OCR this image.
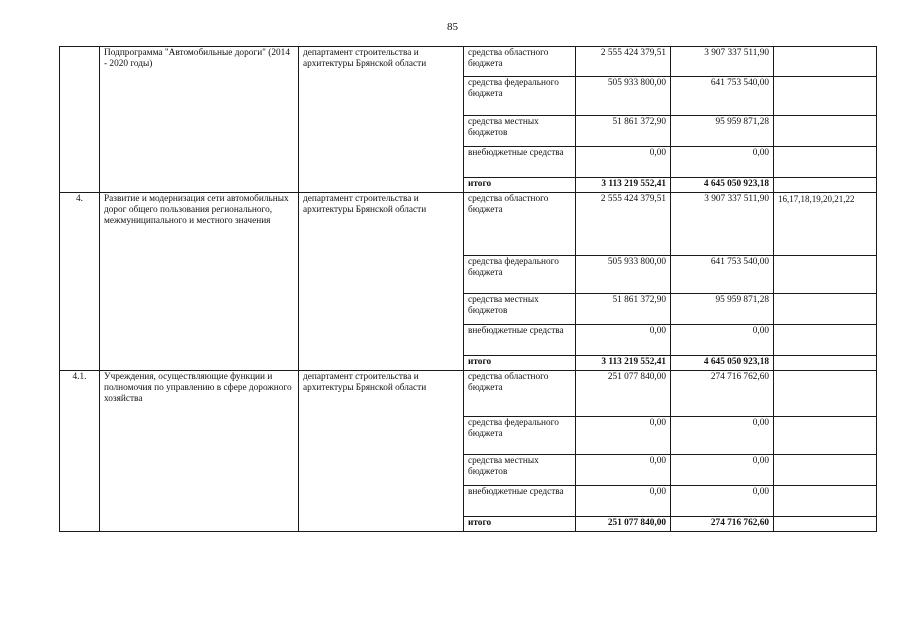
85
	Подпрограмма "Автомобильные дороги" (2014 - 2020 годы)	департамент строительства и архитектуры Брянской области	средства областного бюджета	2 555 424 379,51	3 907 337 511,90	
			средства федерального бюджета	505 933 800,00	641 753 540,00	
			средства местных бюджетов	51 861 372,90	95 959 871,28	
			внебюджетные средства	0,00	0,00	
			итого	3 113 219 552,41	4 645 050 923,18	
4.	Развитие и модернизация сети автомобильных дорог общего пользования регионального, межмуниципального и местного значения	департамент строительства и архитектуры Брянской области	средства областного бюджета	2 555 424 379,51	3 907 337 511,90	16,17,18,19,20,21,22
			средства федерального бюджета	505 933 800,00	641 753 540,00	
			средства местных бюджетов	51 861 372,90	95 959 871,28	
			внебюджетные средства	0,00	0,00	
			итого	3 113 219 552,41	4 645 050 923,18	
4.1.	Учреждения, осуществляющие функции и полномочия по управлению в сфере дорожного хозяйства	департамент строительства и архитектуры Брянской области	средства областного бюджета	251 077 840,00	274 716 762,60	
			средства федерального бюджета	0,00	0,00	
			средства местных бюджетов	0,00	0,00	
			внебюджетные средства	0,00	0,00	
			итого	251 077 840,00	274 716 762,60	
